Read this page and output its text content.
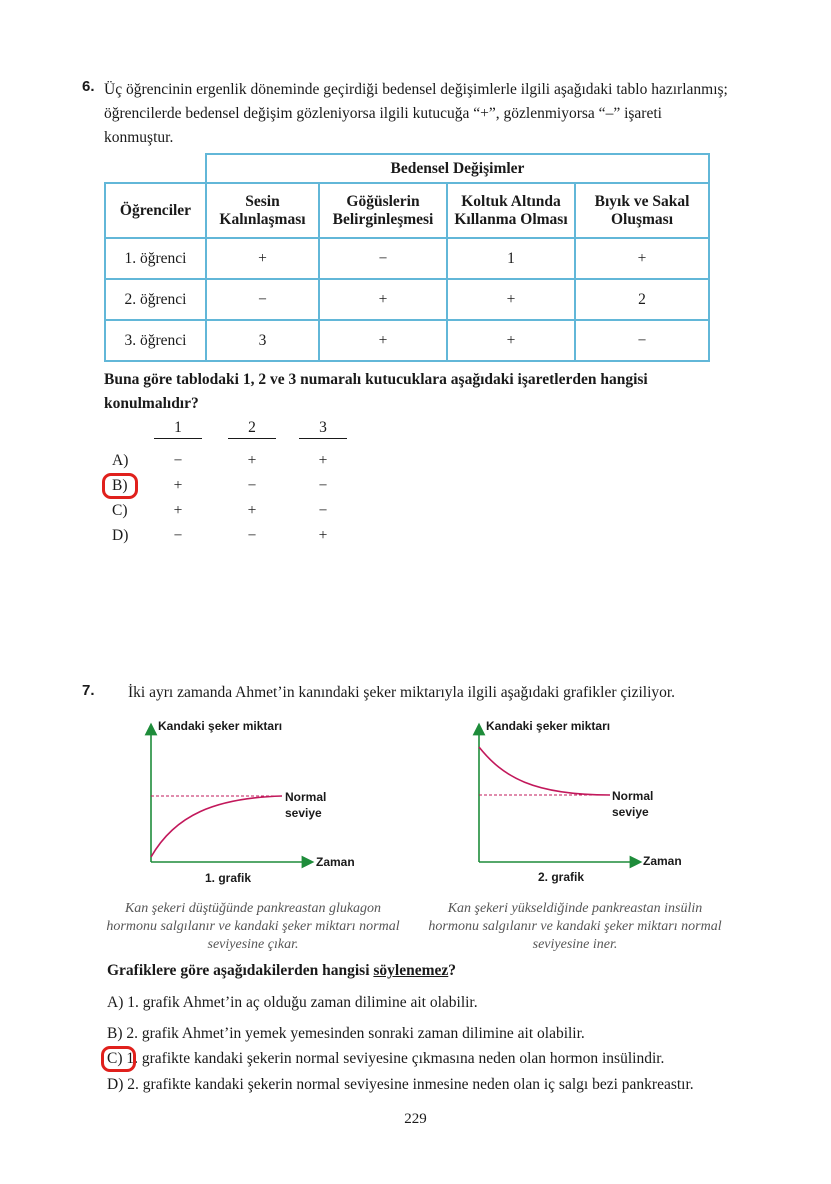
6. Üç öğrencinin ergenlik döneminde geçirdiği bedensel değişimlerle ilgili aşağıdaki tablo hazırlanmış; öğrencilerde bedensel değişim gözleniyorsa ilgili kutucuğa “+”, gözlenmiyorsa “–” işareti konmuştur.

	Bedensel Değişimler			
Öğrenciler	Sesin Kalınlaşması	Göğüslerin Belirginleşmesi	Koltuk Altında Kıllanma Olması	Bıyık ve Sakal Oluşması
1. öğrenci	+	−	1	+
2. öğrenci	−	+	+	2
3. öğrenci	3	+	+	−

Buna göre tablodaki 1, 2 ve 3 numaralı kutucuklara aşağıdaki işaretlerden hangisi konulmalıdır?

1	2	3
A)	−	+	+
B)	+	−	−
C)	+	+	−
D)	−	−	+
7. İki ayrı zamanda Ahmet’in kanındaki şeker miktarıyla ilgili aşağıdaki grafikler çiziliyor.
Kandaki şeker miktarı
Normal
seviye
Zaman
1. grafik
Kandaki şeker miktarı
Normal
seviye
Zaman
2. grafik
Kan şekeri düştüğünde pankreastan glukagon hormonu salgılanır ve kandaki şeker miktarı normal seviyesine çıkar.
Kan şekeri yükseldiğinde pankreastan insülin hormonu salgılanır ve kandaki şeker miktarı normal seviyesine iner.

Grafiklere göre aşağıdakilerden hangisi söylenemez?

A) 1. grafik Ahmet’in aç olduğu zaman dilimine ait olabilir.
B) 2. grafik Ahmet’in yemek yemesinden sonraki zaman dilimine ait olabilir.
C) 1. grafikte kandaki şekerin normal seviyesine çıkmasına neden olan hormon insülindir.
D) 2. grafikte kandaki şekerin normal seviyesine inmesine neden olan iç salgı bezi pankreastır.
229
